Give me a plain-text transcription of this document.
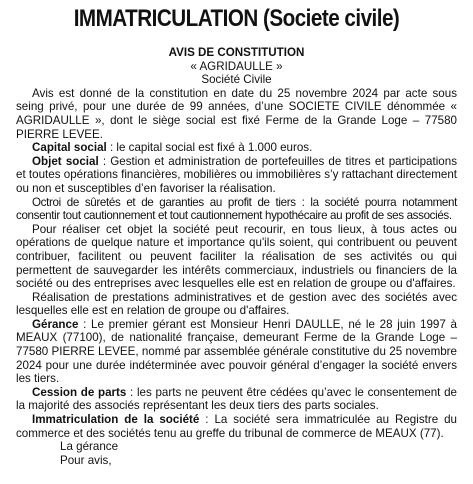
IMMATRICULATION (Societe civile)
AVIS DE CONSTITUTION
« AGRIDAULLE »
Société Civile

Avis est donné de la constitution en date du 25 novembre 2024 par acte sous seing privé, pour une durée de 99 années, d’une SOCIETE CIVILE dénommée « AGRIDAULLE », dont le siège social est fixé Ferme de la Grande Loge – 77580 PIERRE LEVEE.

Capital social : le capital social est fixé à 1.000 euros.

Objet social : Gestion et administration de portefeuilles de titres et participations et toutes opérations financières, mobilières ou immobilières s’y rattachant directement ou non et susceptibles d’en favoriser la réalisation.

Octroi de sûretés et de garanties au profit de tiers : la société pourra notamment consentir tout cautionnement et tout cautionnement hypothécaire au profit de ses associés.

Pour réaliser cet objet la société peut recourir, en tous lieux, à tous actes ou opérations de quelque nature et importance qu'ils soient, qui contribuent ou peuvent contribuer, facilitent ou peuvent faciliter la réalisation de ses activités ou qui permettent de sauvegarder les intérêts commerciaux, industriels ou financiers de la société ou des entreprises avec lesquelles elle est en relation de groupe ou d'affaires.

Réalisation de prestations administratives et de gestion avec des sociétés avec lesquelles elle est en relation de groupe ou d'affaires.

Gérance : Le premier gérant est Monsieur Henri DAULLE, né le 28 juin 1997 à MEAUX (77100), de nationalité française, demeurant Ferme de la Grande Loge – 77580 PIERRE LEVEE, nommé par assemblée générale constitutive du 25 novembre 2024 pour une durée indéterminée avec pouvoir général d’engager la société envers les tiers.

Cession de parts : les parts ne peuvent être cédées qu’avec le consentement de la majorité des associés représentant les deux tiers des parts sociales.

Immatriculation de la société : La société sera immatriculée au Registre du commerce et des sociétés tenu au greffe du tribunal de commerce de MEAUX (77).

La gérance
Pour avis,
